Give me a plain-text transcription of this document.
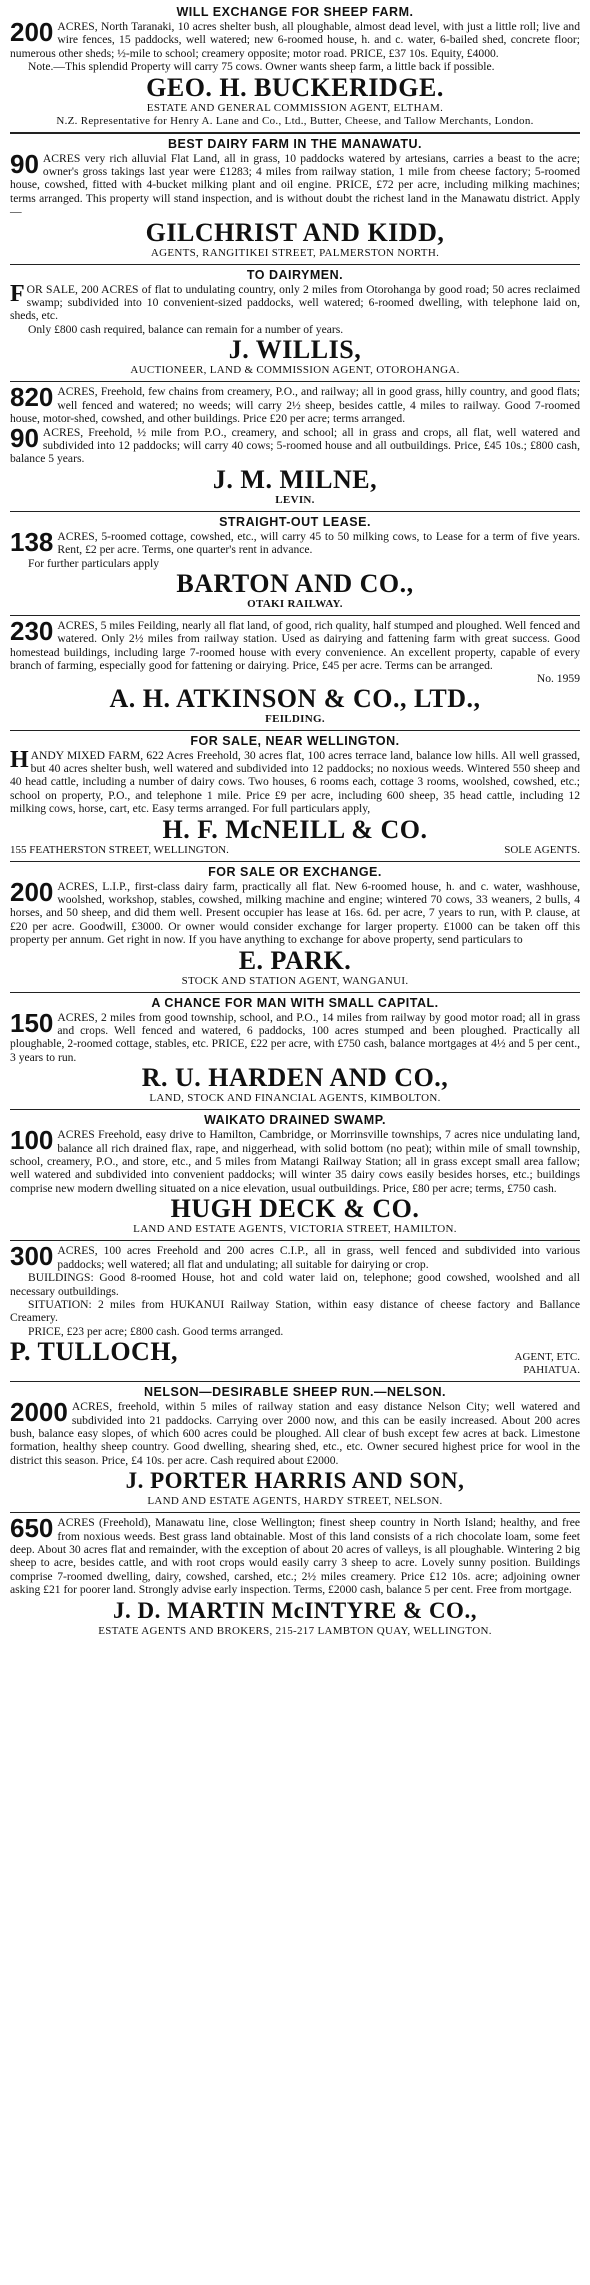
WILL EXCHANGE FOR SHEEP FARM.

200 ACRES, North Taranaki, 10 acres shelter bush, all ploughable, almost dead level, with just a little roll; live and wire fences, 15 paddocks, well watered; new 6-roomed house, h. and c. water, 6-bailed shed, concrete floor; numerous other sheds; ½-mile to school; creamery opposite; motor road. PRICE, £37 10s. Equity, £4000.

Note.—This splendid Property will carry 75 cows. Owner wants sheep farm, a little back if possible.

GEO. H. BUCKERIDGE.
ESTATE AND GENERAL COMMISSION AGENT, ELTHAM.
N.Z. Representative for Henry A. Lane and Co., Ltd., Butter, Cheese, and Tallow Merchants, London.
BEST DAIRY FARM IN THE MANAWATU.

90 ACRES very rich alluvial Flat Land, all in grass, 10 paddocks watered by artesians, carries a beast to the acre; owner's gross takings last year were £1283; 4 miles from railway station, 1 mile from cheese factory; 5-roomed house, cowshed, fitted with 4-bucket milking plant and oil engine. PRICE, £72 per acre, including milking machines; terms arranged. This property will stand inspection, and is without doubt the richest land in the Manawatu district. Apply—

GILCHRIST AND KIDD,
AGENTS, RANGITIKEI STREET, PALMERSTON NORTH.
TO DAIRYMEN.

FOR SALE, 200 ACRES of flat to undulating country, only 2 miles from Otorohanga by good road; 50 acres reclaimed swamp; subdivided into 10 convenient-sized paddocks, well watered; 6-roomed dwelling, with telephone laid on, sheds, etc.

Only £800 cash required, balance can remain for a number of years.

J. WILLIS,
AUCTIONEER, LAND & COMMISSION AGENT, OTOROHANGA.

820 ACRES, Freehold, few chains from creamery, P.O., and railway; all in good grass, hilly country, and good flats; well fenced and watered; no weeds; will carry 2½ sheep, besides cattle, 4 miles to railway. Good 7-roomed house, motor-shed, cowshed, and other buildings. Price £20 per acre; terms arranged.

90 ACRES, Freehold, ½ mile from P.O., creamery, and school; all in grass and crops, all flat, well watered and subdivided into 12 paddocks; will carry 40 cows; 5-roomed house and all outbuildings. Price, £45 10s.; £800 cash, balance 5 years.

J. M. MILNE,
LEVIN.
STRAIGHT-OUT LEASE.

138 ACRES, 5-roomed cottage, cowshed, etc., will carry 45 to 50 milking cows, to Lease for a term of five years. Rent, £2 per acre. Terms, one quarter's rent in advance.

For further particulars apply

BARTON AND CO.,
OTAKI RAILWAY.

230 ACRES, 5 miles Feilding, nearly all flat land, of good, rich quality, half stumped and ploughed. Well fenced and watered. Only 2½ miles from railway station. Used as dairying and fattening farm with great success. Good homestead buildings, including large 7-roomed house with every convenience. An excellent property, capable of every branch of farming, especially good for fattening or dairying. Price, £45 per acre. Terms can be arranged.

No. 1959

A. H. ATKINSON & CO., LTD.,
FEILDING.
FOR SALE, NEAR WELLINGTON.

HANDY MIXED FARM, 622 Acres Freehold, 30 acres flat, 100 acres terrace land, balance low hills. All well grassed, but 40 acres shelter bush, well watered and subdivided into 12 paddocks; no noxious weeds. Wintered 550 sheep and 40 head cattle, including a number of dairy cows. Two houses, 6 rooms each, cottage 3 rooms, woolshed, cowshed, etc.; school on property, P.O., and telephone 1 mile. Price £9 per acre, including 600 sheep, 35 head cattle, including 12 milking cows, horse, cart, etc. Easy terms arranged. For full particulars apply,

H. F. McNEILL & CO.
155 FEATHERSTON STREET, WELLINGTON.	SOLE AGENTS.
FOR SALE OR EXCHANGE.

200 ACRES, L.I.P., first-class dairy farm, practically all flat. New 6-roomed house, h. and c. water, washhouse, woolshed, workshop, stables, cowshed, milking machine and engine; wintered 70 cows, 33 weaners, 2 bulls, 4 horses, and 50 sheep, and did them well. Present occupier has lease at 16s. 6d. per acre, 7 years to run, with P. clause, at £20 per acre. Goodwill, £3000. Or owner would consider exchange for larger property. £1000 can be taken off this property per annum. Get right in now. If you have anything to exchange for above property, send particulars to

E. PARK.
STOCK AND STATION AGENT, WANGANUI.
A CHANCE FOR MAN WITH SMALL CAPITAL.

150 ACRES, 2 miles from good township, school, and P.O., 14 miles from railway by good motor road; all in grass and crops. Well fenced and watered, 6 paddocks, 100 acres stumped and been ploughed. Practically all ploughable, 2-roomed cottage, stables, etc. PRICE, £22 per acre, with £750 cash, balance mortgages at 4½ and 5 per cent., 3 years to run.

R. U. HARDEN AND CO.,
LAND, STOCK AND FINANCIAL AGENTS, KIMBOLTON.
WAIKATO DRAINED SWAMP.

100 ACRES Freehold, easy drive to Hamilton, Cambridge, or Morrinsville townships, 7 acres nice undulating land, balance all rich drained flax, rape, and niggerhead, with solid bottom (no peat); within mile of small township, school, creamery, P.O., and store, etc., and 5 miles from Matangi Railway Station; all in grass except small area fallow; well watered and subdivided into convenient paddocks; will winter 35 dairy cows easily besides horses, etc.; buildings comprise new modern dwelling situated on a nice elevation, usual outbuildings. Price, £80 per acre; terms, £750 cash.

HUGH DECK & CO.
LAND AND ESTATE AGENTS, VICTORIA STREET, HAMILTON.

300 ACRES, 100 acres Freehold and 200 acres C.I.P., all in grass, well fenced and subdivided into various paddocks; well watered; all flat and undulating; all suitable for dairying or crop.

BUILDINGS: Good 8-roomed House, hot and cold water laid on, telephone; good cowshed, woolshed and all necessary outbuildings.

SITUATION: 2 miles from HUKANUI Railway Station, within easy distance of cheese factory and Ballance Creamery.

PRICE, £23 per acre; £800 cash. Good terms arranged.

P. TULLOCH,	AGENT, ETC.
PAHIATUA.
NELSON—DESIRABLE SHEEP RUN.—NELSON.

2000 ACRES, freehold, within 5 miles of railway station and easy distance Nelson City; well watered and subdivided into 21 paddocks. Carrying over 2000 now, and this can be easily increased. About 200 acres bush, balance easy slopes, of which 600 acres could be ploughed. All clear of bush except few acres at back. Limestone formation, healthy sheep country. Good dwelling, shearing shed, etc., etc. Owner secured highest price for wool in the district this season. Price, £4 10s. per acre. Cash required about £2000.

J. PORTER HARRIS AND SON,
LAND AND ESTATE AGENTS, HARDY STREET, NELSON.

650 ACRES (Freehold), Manawatu line, close Wellington; finest sheep country in North Island; healthy, and free from noxious weeds. Best grass land obtainable. Most of this land consists of a rich chocolate loam, some feet deep. About 30 acres flat and remainder, with the exception of about 20 acres of valleys, is all ploughable. Wintering 2 big sheep to acre, besides cattle, and with root crops would easily carry 3 sheep to acre. Lovely sunny position. Buildings comprise 7-roomed dwelling, dairy, cowshed, carshed, etc.; 2½ miles creamery. Price £12 10s. acre; adjoining owner asking £21 for poorer land. Strongly advise early inspection. Terms, £2000 cash, balance 5 per cent. Free from mortgage.

J. D. MARTIN McINTYRE & CO.,
ESTATE AGENTS AND BROKERS, 215-217 LAMBTON QUAY, WELLINGTON.
